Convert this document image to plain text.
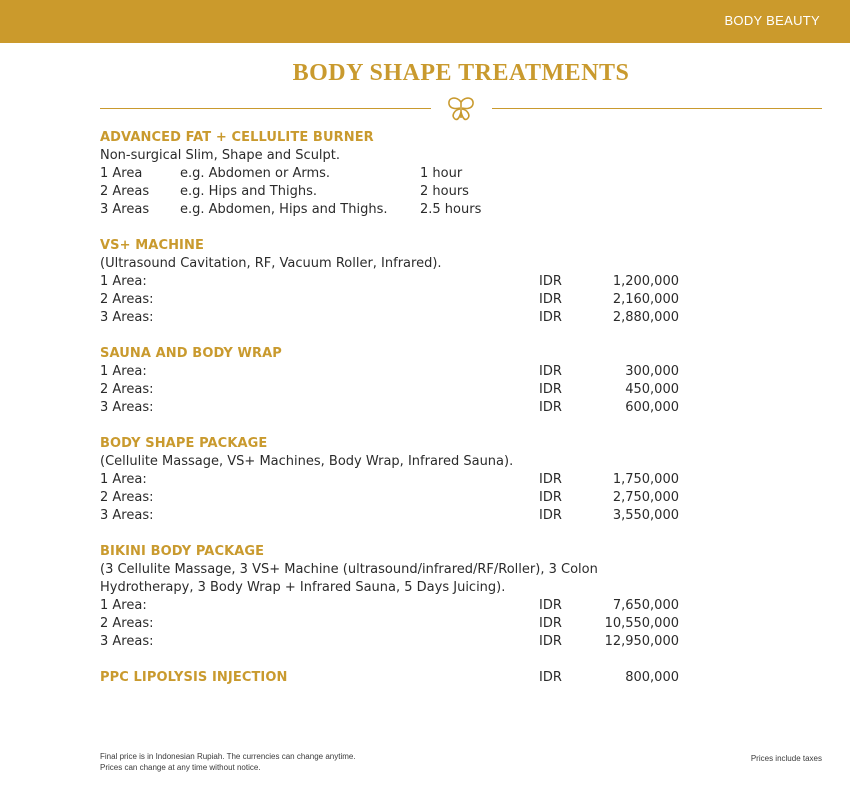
BODY BEAUTY
BODY SHAPE TREATMENTS
ADVANCED FAT + CELLULITE BURNER
Non-surgical Slim, Shape and Sculpt.
1 Area	e.g. Abdomen or Arms.	1 hour
2 Areas e.g. Hips and Thighs.	2 hours
3 Areas e.g. Abdomen, Hips and Thighs.	2.5 hours
VS+ MACHINE
(Ultrasound Cavitation, RF, Vacuum Roller, Infrared).
1 Area:	IDR	1,200,000
2 Areas:	IDR	2,160,000
3 Areas:	IDR	2,880,000
SAUNA AND BODY WRAP
1 Area:	IDR	300,000
2 Areas:	IDR	450,000
3 Areas:	IDR	600,000
BODY SHAPE PACKAGE
(Cellulite Massage, VS+ Machines, Body Wrap, Infrared Sauna).
1 Area:	IDR	1,750,000
2 Areas:	IDR	2,750,000
3 Areas:	IDR	3,550,000
BIKINI BODY PACKAGE
(3 Cellulite Massage, 3 VS+ Machine (ultrasound/infrared/RF/Roller), 3 Colon Hydrotherapy, 3 Body Wrap + Infrared Sauna, 5 Days Juicing).
1 Area:	IDR	7,650,000
2 Areas:	IDR	10,550,000
3 Areas:	IDR	12,950,000
PPC LIPOLYSIS INJECTION	IDR	800,000
Final price is in Indonesian Rupiah. The currencies can change anytime.
Prices can change at any time without notice.
Prices include taxes
